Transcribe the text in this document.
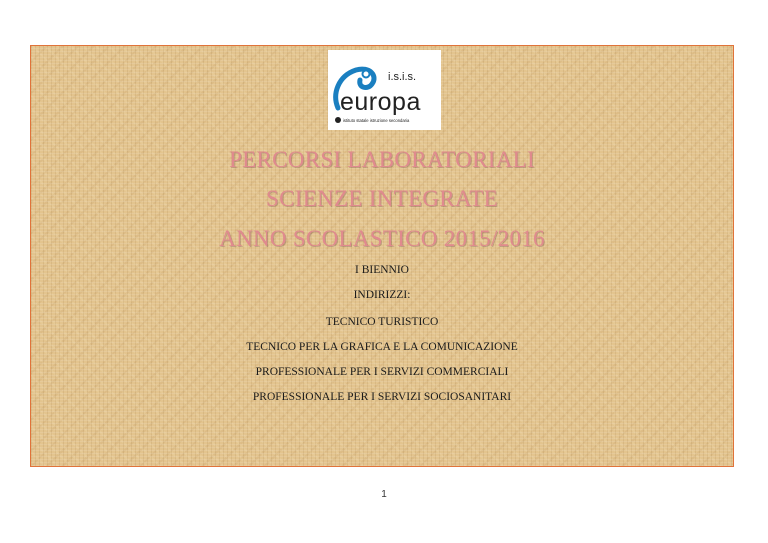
i.s.i.s.
europa
istituto statale istruzione secondaria
PERCORSI LABORATORIALI
SCIENZE INTEGRATE
ANNO SCOLASTICO 2015/2016
I BIENNIO
INDIRIZZI:
TECNICO TURISTICO
TECNICO PER LA GRAFICA E LA COMUNICAZIONE
PROFESSIONALE PER I SERVIZI COMMERCIALI
PROFESSIONALE PER I SERVIZI SOCIOSANITARI
1
